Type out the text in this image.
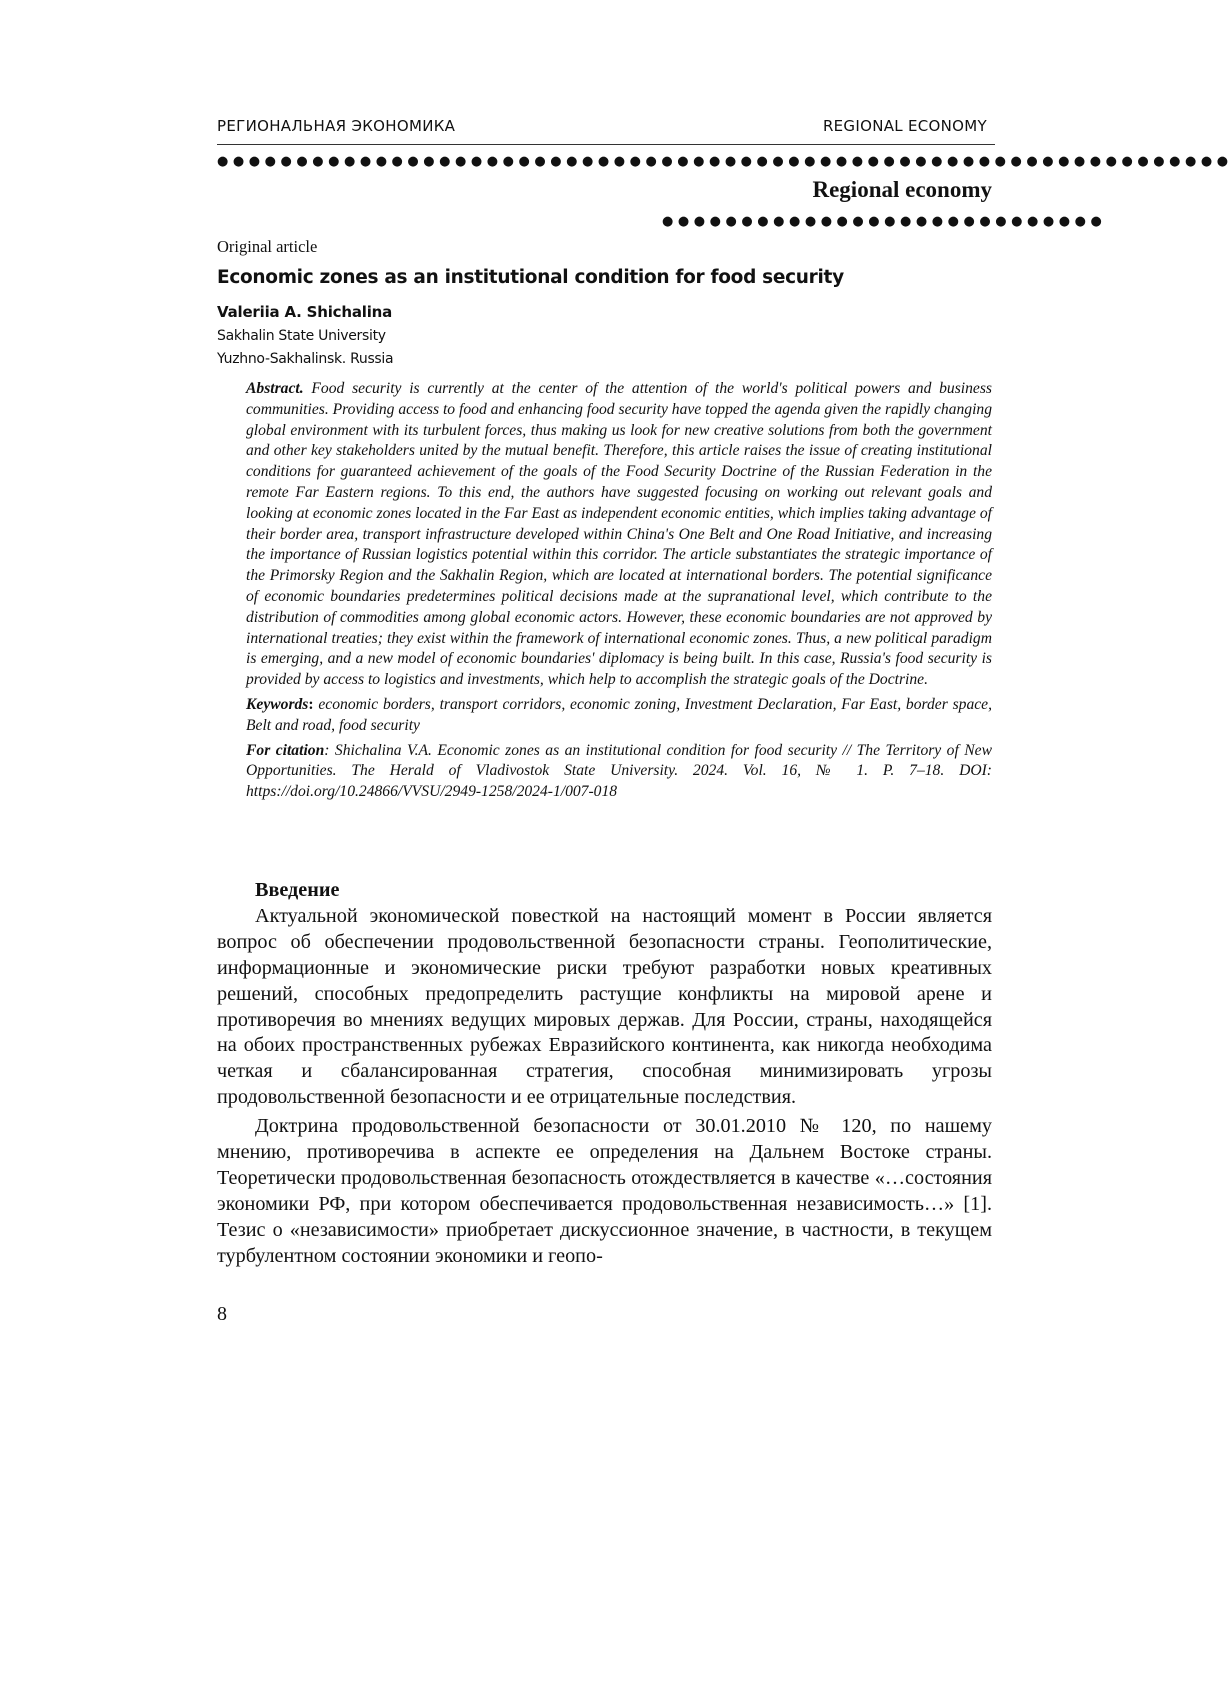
РЕГИОНАЛЬНАЯ ЭКОНОМИКА	REGIONAL ECONOMY
● ● ● ● ● ● ● ● ● ● ● ● ● ● ● ● ● ● ● ● ● ● ● ● ● ● ● ● ● ● ● ● ● ● ● ● ● ● ● ● ● ● ● ● ● ● ● ● ● ● ● ● ● ● ● ● ● ● ● ● ● ● ● ●
Regional economy
● ● ● ● ● ● ● ● ● ● ● ● ● ● ● ● ● ● ● ● ● ● ● ● ● ● ● ●
Original article
Economic zones as an institutional condition for food security
Valeriia A. Shichalina
Sakhalin State University
Yuzhno-Sakhalinsk. Russia

Abstract. Food security is currently at the center of the attention of the world's political powers and business communities. Providing access to food and enhancing food security have topped the agenda given the rapidly changing global environment with its turbulent forces, thus making us look for new creative solutions from both the government and other key stakeholders united by the mutual benefit. Therefore, this article raises the issue of creating institutional conditions for guaranteed achievement of the goals of the Food Security Doctrine of the Russian Federation in the remote Far Eastern regions. To this end, the authors have suggested focusing on working out relevant goals and looking at economic zones located in the Far East as independent economic entities, which implies taking advantage of their border area, transport infrastructure developed within China's One Belt and One Road Initiative, and increasing the importance of Russian logistics potential within this corridor. The article substantiates the strategic importance of the Primorsky Region and the Sakhalin Region, which are located at international borders. The potential significance of economic boundaries predetermines political decisions made at the supranational level, which contribute to the distribution of commodities among global economic actors. However, these economic boundaries are not approved by international treaties; they exist within the framework of international economic zones. Thus, a new political paradigm is emerging, and a new model of economic boundaries' diplomacy is being built. In this case, Russia's food security is provided by access to logistics and investments, which help to accomplish the strategic goals of the Doctrine.

Keywords: economic borders, transport corridors, economic zoning, Investment Declaration, Far East, border space, Belt and road, food security

For citation: Shichalina V.A. Economic zones as an institutional condition for food security // The Territory of New Opportunities. The Herald of Vladivostok State University. 2024. Vol. 16, № 1. P. 7–18. DOI: https://doi.org/10.24866/VVSU/2949-1258/2024-1/007-018

Введение

Актуальной экономической повесткой на настоящий момент в России является вопрос об обеспечении продовольственной безопасности страны. Геополитические, информационные и экономические риски требуют разработки новых креативных решений, способных предопределить растущие конфликты на мировой арене и противоречия во мнениях ведущих мировых держав. Для России, страны, находящейся на обоих пространственных рубежах Евразийского континента, как никогда необходима четкая и сбалансированная стратегия, способная минимизировать угрозы продовольственной безопасности и ее отрицательные последствия.

Доктрина продовольственной безопасности от 30.01.2010 № 120, по нашему мнению, противоречива в аспекте ее определения на Дальнем Востоке страны. Теоретически продовольственная безопасность отождествляется в качестве «…состояния экономики РФ, при котором обеспечивается продовольственная независимость…» [1]. Тезис о «независимости» приобретает дискуссионное значение, в частности, в текущем турбулентном состоянии экономики и геопо-

8
